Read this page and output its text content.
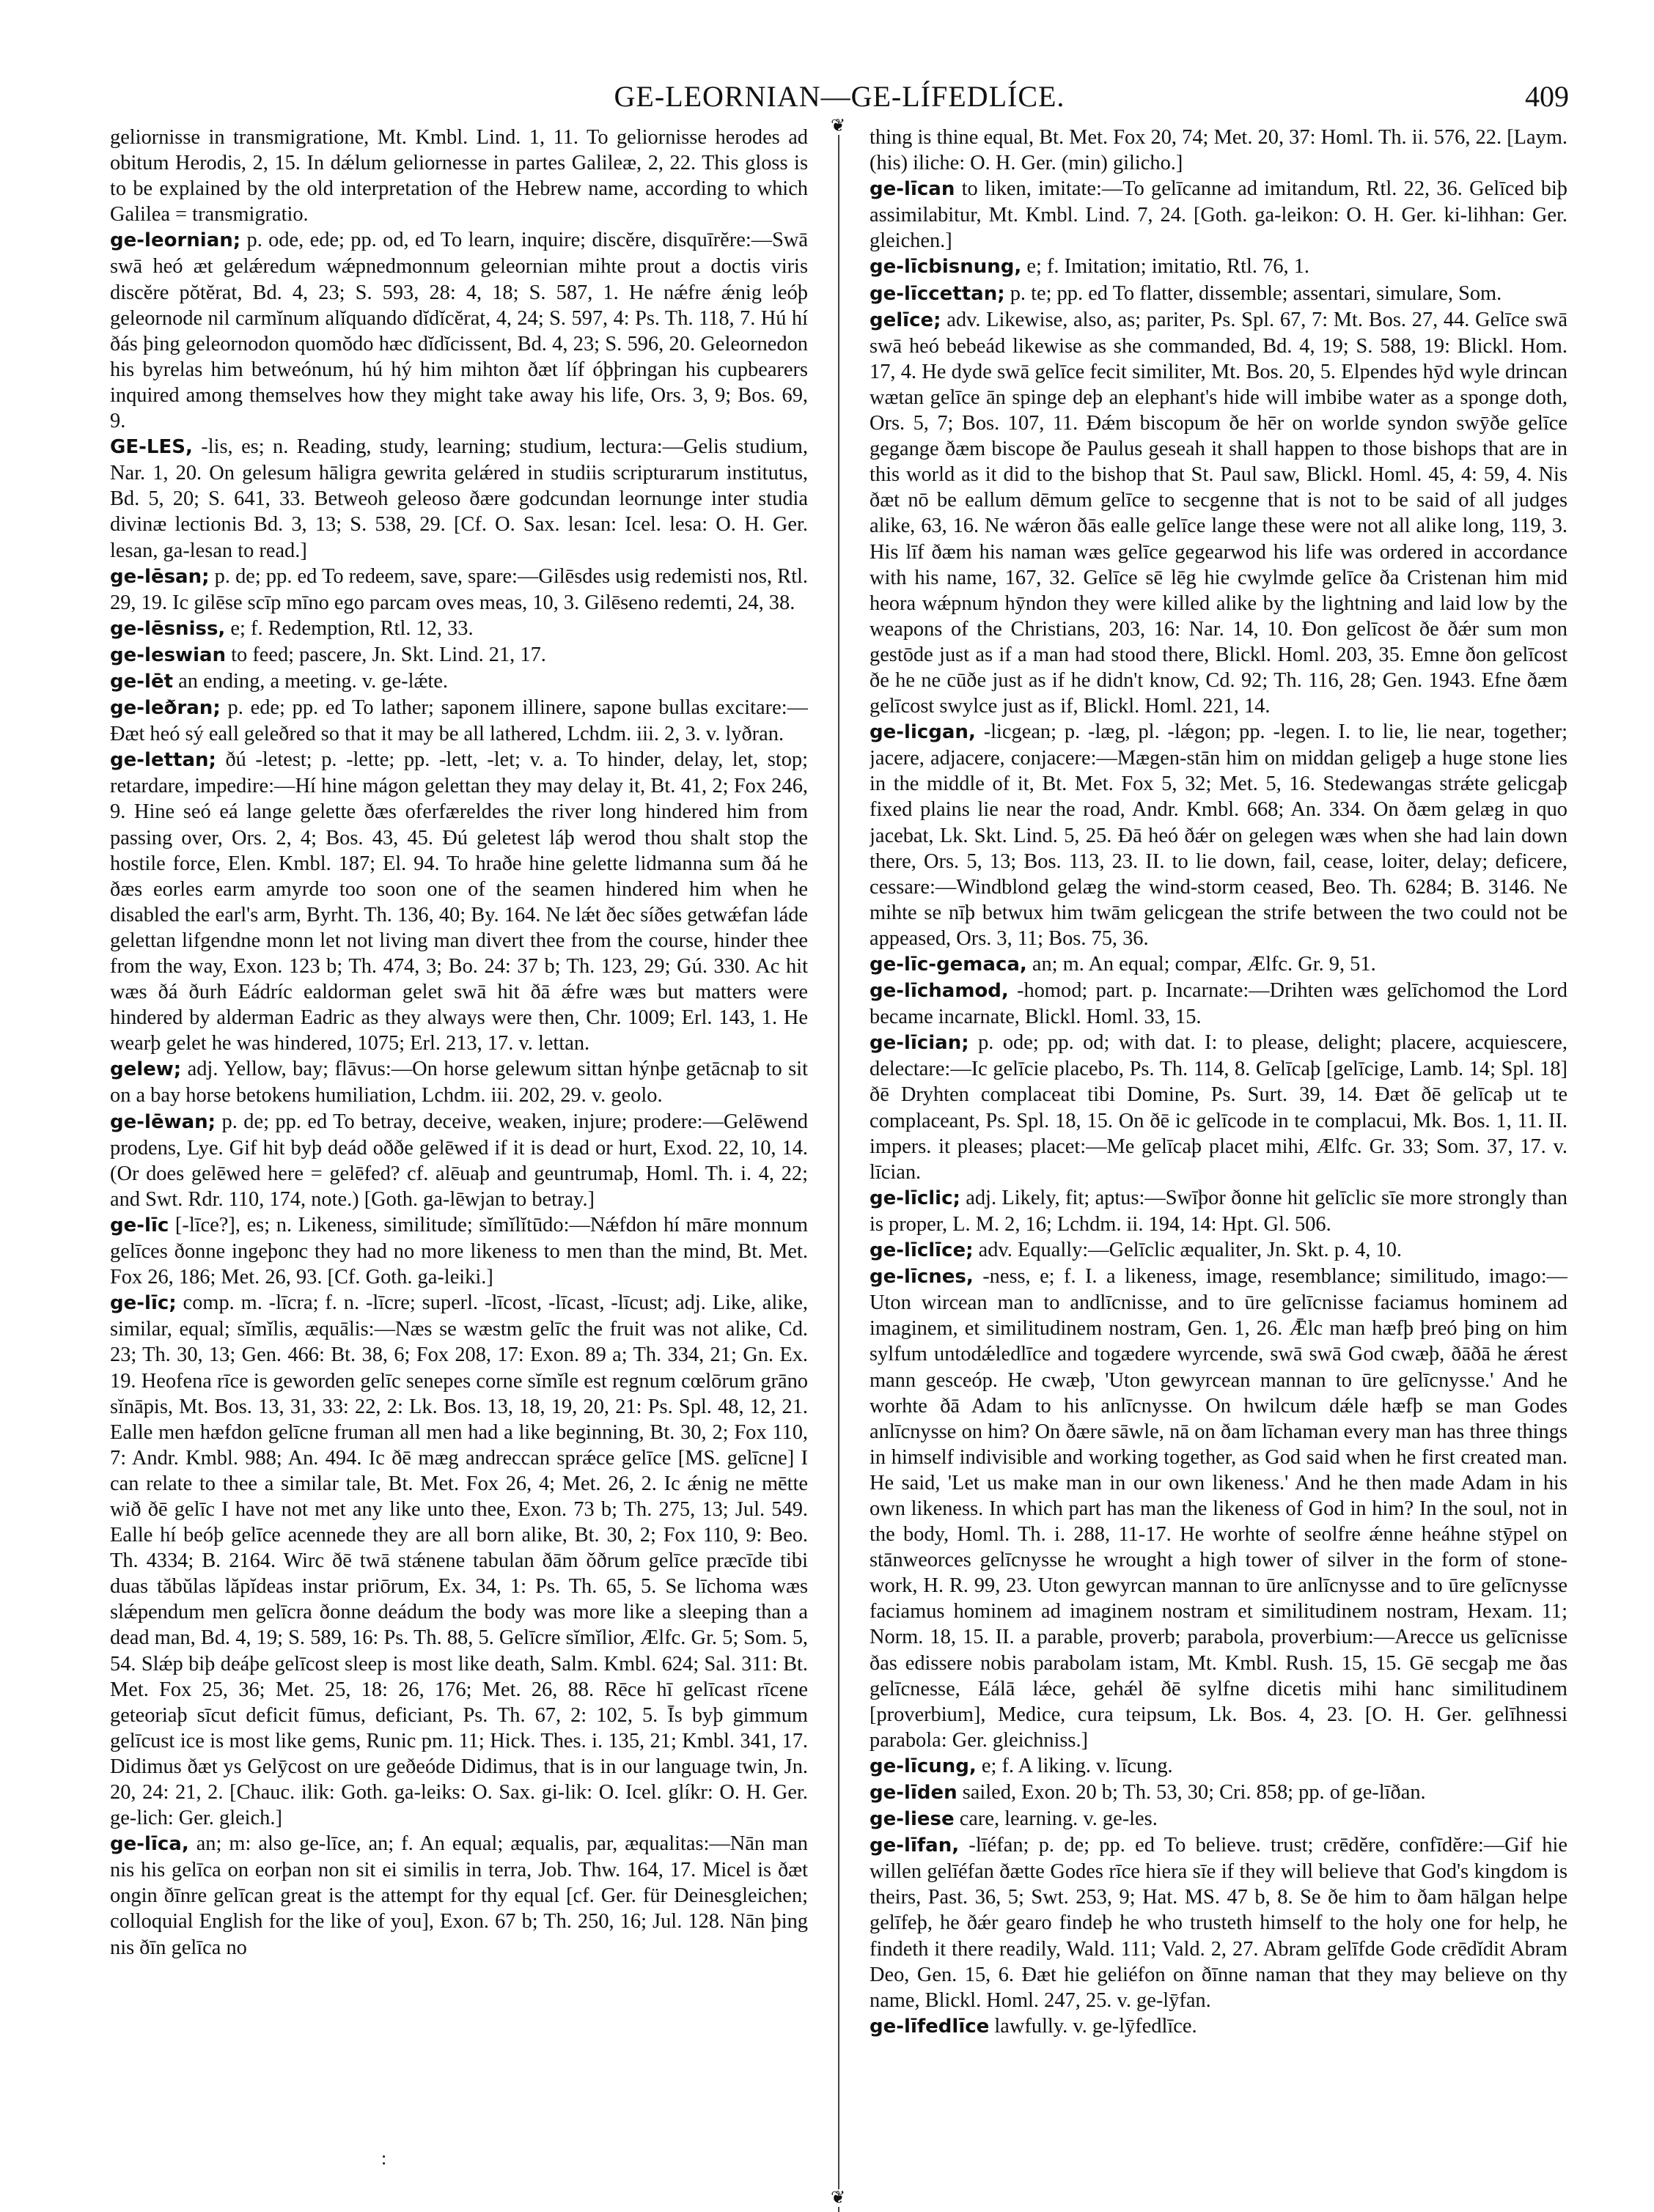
GE-LEORNIAN—GE-LÍFEDLÍCE.	409
❦
❦

geliornisse in transmigratione, Mt. Kmbl. Lind. 1, 11. To geliornisse herodes ad obitum Herodis, 2, 15. In dǽlum geliornesse in partes Galileæ, 2, 22. This gloss is to be explained by the old interpretation of the Hebrew name, according to which Galilea = transmigratio.

ge-leornian; p. ode, ede; pp. od, ed To learn, inquire; discĕre, disquīrĕre:—Swā swā heó æt gelǽredum wǽpnedmonnum geleornian mihte prout a doctis viris discĕre pŏtĕrat, Bd. 4, 23; S. 593, 28: 4, 18; S. 587, 1. He nǽfre ǽnig leóþ geleornode nil carmĭnum alĭquando dĭdĭcĕrat, 4, 24; S. 597, 4: Ps. Th. 118, 7. Hú hí ðás þing geleornodon quomŏdo hæc dĭdĭcissent, Bd. 4, 23; S. 596, 20. Geleornedon his byrelas him betweónum, hú hý him mihton ðæt líf óþþringan his cupbearers inquired among themselves how they might take away his life, Ors. 3, 9; Bos. 69, 9.

GE-LES, -lis, es; n. Reading, study, learning; studium, lectura:—Gelis studium, Nar. 1, 20. On gelesum hāligra gewrita gelǽred in studiis scripturarum institutus, Bd. 5, 20; S. 641, 33. Betweoh geleoso ðære godcundan leornunge inter studia divinæ lectionis Bd. 3, 13; S. 538, 29. [Cf. O. Sax. lesan: Icel. lesa: O. H. Ger. lesan, ga-lesan to read.]

ge-lēsan; p. de; pp. ed To redeem, save, spare:—Gilēsdes usig redemisti nos, Rtl. 29, 19. Ic gilēse scīp mīno ego parcam oves meas, 10, 3. Gilēseno redemti, 24, 38.

ge-lēsniss, e; f. Redemption, Rtl. 12, 33.

ge-leswian to feed; pascere, Jn. Skt. Lind. 21, 17.

ge-lēt an ending, a meeting. v. ge-lǽte.

ge-leðran; p. ede; pp. ed To lather; saponem illinere, sapone bullas excitare:—Ðæt heó sý eall geleðred so that it may be all lathered, Lchdm. iii. 2, 3. v. lyðran.

ge-lettan; ðú -letest; p. -lette; pp. -lett, -let; v. a. To hinder, delay, let, stop; retardare, impedire:—Hí hine mágon gelettan they may delay it, Bt. 41, 2; Fox 246, 9. Hine seó eá lange gelette ðæs oferfæreldes the river long hindered him from passing over, Ors. 2, 4; Bos. 43, 45. Ðú geletest láþ werod thou shalt stop the hostile force, Elen. Kmbl. 187; El. 94. To hraðe hine gelette lidmanna sum ðá he ðæs eorles earm amyrde too soon one of the seamen hindered him when he disabled the earl's arm, Byrht. Th. 136, 40; By. 164. Ne lǽt ðec síðes getwǽfan láde gelettan lifgendne monn let not living man divert thee from the course, hinder thee from the way, Exon. 123 b; Th. 474, 3; Bo. 24: 37 b; Th. 123, 29; Gú. 330. Ac hit wæs ðá ðurh Eádríc ealdorman gelet swā hit ðā ǽfre wæs but matters were hindered by alderman Eadric as they always were then, Chr. 1009; Erl. 143, 1. He wearþ gelet he was hindered, 1075; Erl. 213, 17. v. lettan.

gelew; adj. Yellow, bay; flāvus:—On horse gelewum sittan hýnþe getācnaþ to sit on a bay horse betokens humiliation, Lchdm. iii. 202, 29. v. geolo.

ge-lēwan; p. de; pp. ed To betray, deceive, weaken, injure; prodere:—Gelēwend prodens, Lye. Gif hit byþ deád oððe gelēwed if it is dead or hurt, Exod. 22, 10, 14. (Or does gelēwed here = gelēfed? cf. alēuaþ and geuntrumaþ, Homl. Th. i. 4, 22; and Swt. Rdr. 110, 174, note.) [Goth. ga-lēwjan to betray.]

ge-līc [-līce?], es; n. Likeness, similitude; sĭmĭlĭtūdo:—Nǽfdon hí māre monnum gelīces ðonne ingeþonc they had no more likeness to men than the mind, Bt. Met. Fox 26, 186; Met. 26, 93. [Cf. Goth. ga-leiki.]

ge-līc; comp. m. -līcra; f. n. -līcre; superl. -līcost, -līcast, -līcust; adj. Like, alike, similar, equal; sĭmĭlis, æquālis:—Næs se wæstm gelīc the fruit was not alike, Cd. 23; Th. 30, 13; Gen. 466: Bt. 38, 6; Fox 208, 17: Exon. 89 a; Th. 334, 21; Gn. Ex. 19. Heofena rīce is geworden gelīc senepes corne sĭmĭle est regnum cœlōrum grāno sĭnāpis, Mt. Bos. 13, 31, 33: 22, 2: Lk. Bos. 13, 18, 19, 20, 21: Ps. Spl. 48, 12, 21. Ealle men hæfdon gelīcne fruman all men had a like beginning, Bt. 30, 2; Fox 110, 7: Andr. Kmbl. 988; An. 494. Ic ðē mæg andreccan sprǽce gelīce [MS. gelīcne] I can relate to thee a similar tale, Bt. Met. Fox 26, 4; Met. 26, 2. Ic ǽnig ne mētte wið ðē gelīc I have not met any like unto thee, Exon. 73 b; Th. 275, 13; Jul. 549. Ealle hí beóþ gelīce acennede they are all born alike, Bt. 30, 2; Fox 110, 9: Beo. Th. 4334; B. 2164. Wirc ðē twā stǽnene tabulan ðām ǒðrum gelīce præcīde tibi duas tăbŭlas lăpĭdeas instar priōrum, Ex. 34, 1: Ps. Th. 65, 5. Se līchoma wæs slǽpendum men gelīcra ðonne deádum the body was more like a sleeping than a dead man, Bd. 4, 19; S. 589, 16: Ps. Th. 88, 5. Gelīcre sĭmĭlior, Ælfc. Gr. 5; Som. 5, 54. Slǽp biþ deáþe gelīcost sleep is most like death, Salm. Kmbl. 624; Sal. 311: Bt. Met. Fox 25, 36; Met. 25, 18: 26, 176; Met. 26, 88. Rēce hī gelīcast rīcene geteoriaþ sīcut deficit fūmus, deficiant, Ps. Th. 67, 2: 102, 5. Īs byþ gimmum gelīcust ice is most like gems, Runic pm. 11; Hick. Thes. i. 135, 21; Kmbl. 341, 17. Didimus ðæt ys Gelȳcost on ure geðeóde Didimus, that is in our language twin, Jn. 20, 24: 21, 2. [Chauc. ilik: Goth. ga-leiks: O. Sax. gi-lik: O. Icel. glíkr: O. H. Ger. ge-lich: Ger. gleich.]

ge-līca, an; m: also ge-līce, an; f. An equal; æqualis, par, æqualitas:—Nān man nis his gelīca on eorþan non sit ei similis in terra, Job. Thw. 164, 17. Micel is ðæt ongin ðīnre gelīcan great is the attempt for thy equal [cf. Ger. für Deinesgleichen; colloquial English for the like of you], Exon. 67 b; Th. 250, 16; Jul. 128. Nān þing nis ðīn gelīca no

thing is thine equal, Bt. Met. Fox 20, 74; Met. 20, 37: Homl. Th. ii. 576, 22. [Laym. (his) iliche: O. H. Ger. (min) gilicho.]

ge-līcan to liken, imitate:—To gelīcanne ad imitandum, Rtl. 22, 36. Gelīced biþ assimilabitur, Mt. Kmbl. Lind. 7, 24. [Goth. ga-leikon: O. H. Ger. ki-lihhan: Ger. gleichen.]

ge-līcbisnung, e; f. Imitation; imitatio, Rtl. 76, 1.

ge-līccettan; p. te; pp. ed To flatter, dissemble; assentari, simulare, Som.

gelīce; adv. Likewise, also, as; pariter, Ps. Spl. 67, 7: Mt. Bos. 27, 44. Gelīce swā swā heó bebeád likewise as she commanded, Bd. 4, 19; S. 588, 19: Blickl. Hom. 17, 4. He dyde swā gelīce fecit similiter, Mt. Bos. 20, 5. Elpendes hȳd wyle drincan wætan gelīce ān spinge deþ an elephant's hide will imbibe water as a sponge doth, Ors. 5, 7; Bos. 107, 11. Ðǽm biscopum ðe hēr on worlde syndon swȳðe gelīce gegange ðæm biscope ðe Paulus geseah it shall happen to those bishops that are in this world as it did to the bishop that St. Paul saw, Blickl. Homl. 45, 4: 59, 4. Nis ðæt nō be eallum dēmum gelīce to secgenne that is not to be said of all judges alike, 63, 16. Ne wǽron ðās ealle gelīce lange these were not all alike long, 119, 3. His līf ðæm his naman wæs gelīce gegearwod his life was ordered in accordance with his name, 167, 32. Gelīce sē lēg hie cwylmde gelīce ða Cristenan him mid heora wǽpnum hȳndon they were killed alike by the lightning and laid low by the weapons of the Christians, 203, 16: Nar. 14, 10. Ðon gelīcost ðe ðǽr sum mon gestōde just as if a man had stood there, Blickl. Homl. 203, 35. Emne ðon gelīcost ðe he ne cūðe just as if he didn't know, Cd. 92; Th. 116, 28; Gen. 1943. Efne ðæm gelīcost swylce just as if, Blickl. Homl. 221, 14.

ge-licgan, -licgean; p. -læg, pl. -lǽgon; pp. -legen. I. to lie, lie near, together; jacere, adjacere, conjacere:—Mægen-stān him on middan geligeþ a huge stone lies in the middle of it, Bt. Met. Fox 5, 32; Met. 5, 16. Stedewangas strǽte gelicgaþ fixed plains lie near the road, Andr. Kmbl. 668; An. 334. On ðæm gelæg in quo jacebat, Lk. Skt. Lind. 5, 25. Ðā heó ðǽr on gelegen wæs when she had lain down there, Ors. 5, 13; Bos. 113, 23. II. to lie down, fail, cease, loiter, delay; deficere, cessare:—Windblond gelæg the wind-storm ceased, Beo. Th. 6284; B. 3146. Ne mihte se nīþ betwux him twām gelicgean the strife between the two could not be appeased, Ors. 3, 11; Bos. 75, 36.

ge-līc-gemaca, an; m. An equal; compar, Ælfc. Gr. 9, 51.

ge-līchamod, -homod; part. p. Incarnate:—Drihten wæs gelīchomod the Lord became incarnate, Blickl. Homl. 33, 15.

ge-līcian; p. ode; pp. od; with dat. I: to please, delight; placere, acquiescere, delectare:—Ic gelīcie placebo, Ps. Th. 114, 8. Gelīcaþ [gelīcige, Lamb. 14; Spl. 18] ðē Dryhten complaceat tibi Domine, Ps. Surt. 39, 14. Ðæt ðē gelīcaþ ut te complaceant, Ps. Spl. 18, 15. On ðē ic gelīcode in te complacui, Mk. Bos. 1, 11. II. impers. it pleases; placet:—Me gelīcaþ placet mihi, Ælfc. Gr. 33; Som. 37, 17. v. līcian.

ge-līclic; adj. Likely, fit; aptus:—Swīþor ðonne hit gelīclic sīe more strongly than is proper, L. M. 2, 16; Lchdm. ii. 194, 14: Hpt. Gl. 506.

ge-līclīce; adv. Equally:—Gelīclic æqualiter, Jn. Skt. p. 4, 10.

ge-līcnes, -ness, e; f. I. a likeness, image, resemblance; similitudo, imago:—Uton wircean man to andlīcnisse, and to ūre gelīcnisse faciamus hominem ad imaginem, et similitudinem nostram, Gen. 1, 26. Ǣlc man hæfþ þreó þing on him sylfum untodǽledlīce and togædere wyrcende, swā swā God cwæþ, ðāðā he ǽrest mann gesceóp. He cwæþ, 'Uton gewyrcean mannan to ūre gelīcnysse.' And he worhte ðā Adam to his anlīcnysse. On hwilcum dǽle hæfþ se man Godes anlīcnysse on him? On ðære sāwle, nā on ðam līchaman every man has three things in himself indivisible and working together, as God said when he first created man. He said, 'Let us make man in our own likeness.' And he then made Adam in his own likeness. In which part has man the likeness of God in him? In the soul, not in the body, Homl. Th. i. 288, 11-17. He worhte of seolfre ǽnne heáhne stȳpel on stānweorces gelīcnysse he wrought a high tower of silver in the form of stone-work, H. R. 99, 23. Uton gewyrcan mannan to ūre anlīcnysse and to ūre gelīcnysse faciamus hominem ad imaginem nostram et similitudinem nostram, Hexam. 11; Norm. 18, 15. II. a parable, proverb; parabola, proverbium:—Arecce us gelīcnisse ðas edissere nobis parabolam istam, Mt. Kmbl. Rush. 15, 15. Gē secgaþ me ðas gelīcnesse, Eálā lǽce, gehǽl ðē sylfne dicetis mihi hanc similitudinem [proverbium], Medice, cura teipsum, Lk. Bos. 4, 23. [O. H. Ger. gelīhnessi parabola: Ger. gleichniss.]

ge-līcung, e; f. A liking. v. līcung.

ge-līden sailed, Exon. 20 b; Th. 53, 30; Cri. 858; pp. of ge-līðan.

ge-liese care, learning. v. ge-les.

ge-līfan, -līéfan; p. de; pp. ed To believe. trust; crēdĕre, confīdĕre:—Gif hie willen gelīéfan ðætte Godes rīce hiera sīe if they will believe that God's kingdom is theirs, Past. 36, 5; Swt. 253, 9; Hat. MS. 47 b, 8. Se ðe him to ðam hālgan helpe gelīfeþ, he ðǽr gearo findeþ he who trusteth himself to the holy one for help, he findeth it there readily, Wald. 111; Vald. 2, 27. Abram gelīfde Gode crēdĭdit Abram Deo, Gen. 15, 6. Ðæt hie geliéfon on ðīnne naman that they may believe on thy name, Blickl. Homl. 247, 25. v. ge-lȳfan.

ge-līfedlīce lawfully. v. ge-lȳfedlīce.

:
